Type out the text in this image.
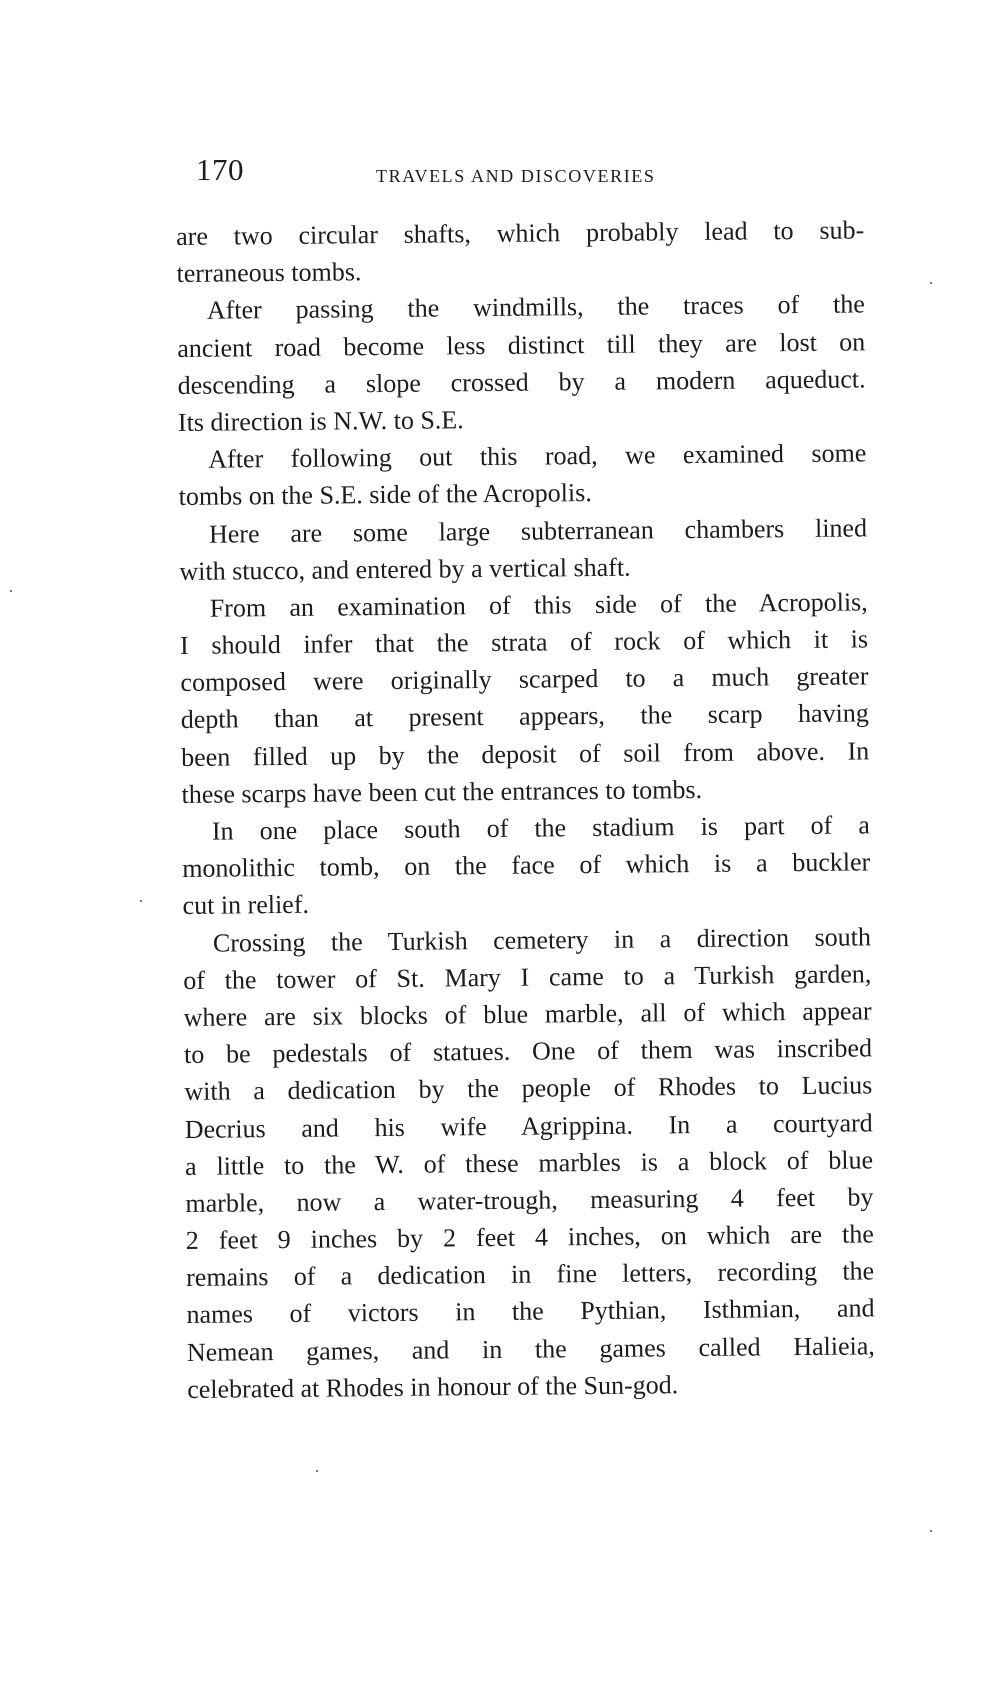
170	TRAVELS AND DISCOVERIES
are two circular shafts, which probably lead to sub-
terraneous tombs.
After passing the windmills, the traces of the
ancient road become less distinct till they are lost on
descending a slope crossed by a modern aqueduct.
Its direction is N.W. to S.E.
After following out this road, we examined some
tombs on the S.E. side of the Acropolis.
Here are some large subterranean chambers lined
with stucco, and entered by a vertical shaft.
From an examination of this side of the Acropolis,
I should infer that the strata of rock of which it is
composed were originally scarped to a much greater
depth than at present appears, the scarp having
been filled up by the deposit of soil from above. In
these scarps have been cut the entrances to tombs.
In one place south of the stadium is part of a
monolithic tomb, on the face of which is a buckler
cut in relief.
Crossing the Turkish cemetery in a direction south
of the tower of St. Mary I came to a Turkish garden,
where are six blocks of blue marble, all of which appear
to be pedestals of statues. One of them was inscribed
with a dedication by the people of Rhodes to Lucius
Decrius and his wife Agrippina. In a courtyard
a little to the W. of these marbles is a block of blue
marble, now a water-trough, measuring 4 feet by
2 feet 9 inches by 2 feet 4 inches, on which are the
remains of a dedication in fine letters, recording the
names of victors in the Pythian, Isthmian, and
Nemean games, and in the games called Halieia,
celebrated at Rhodes in honour of the Sun-god.
